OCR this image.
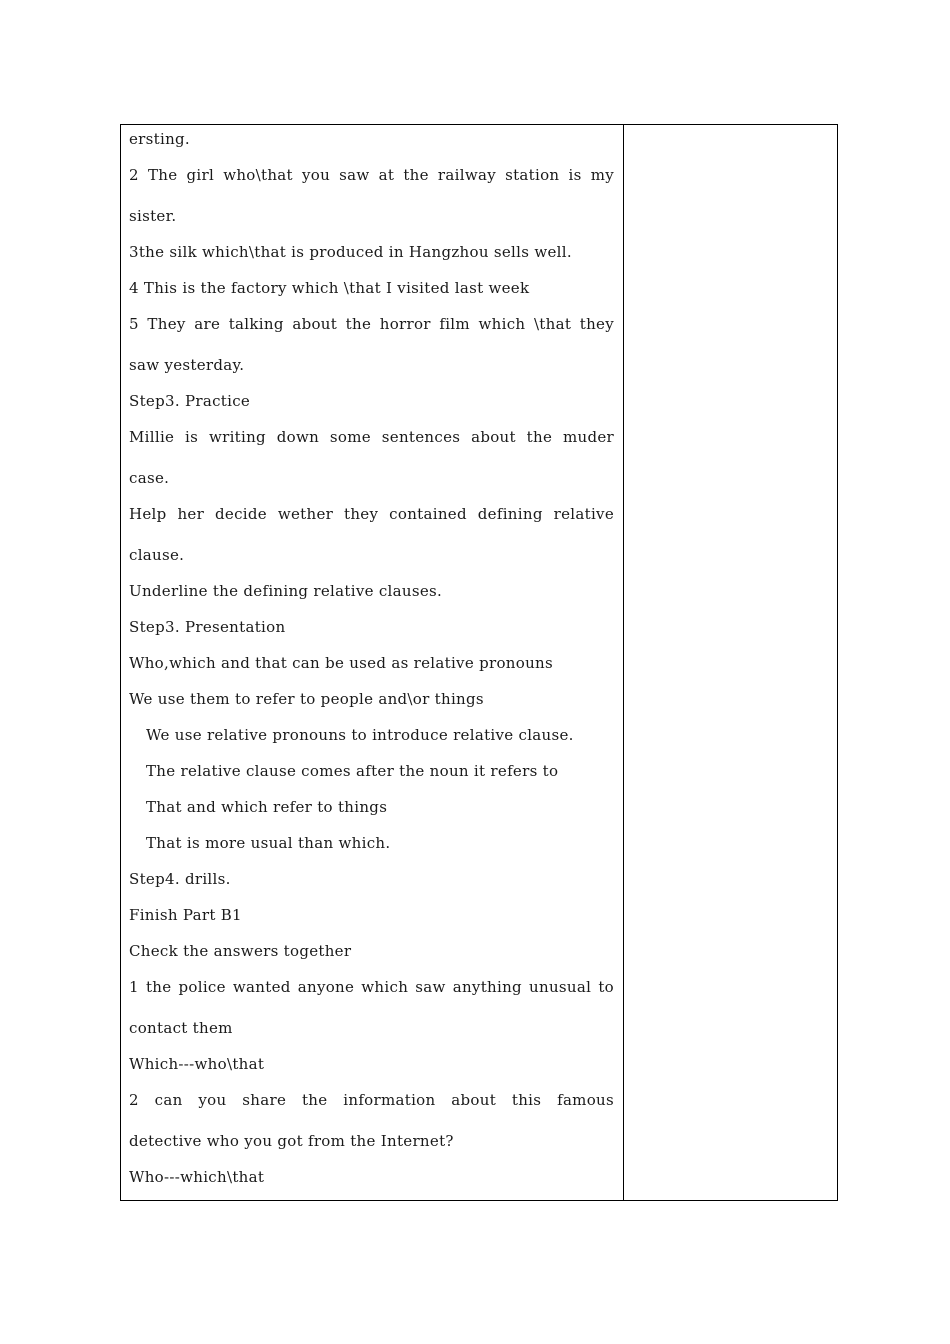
ersting.
2 The girl who\that you saw at the railway station is my
sister.
3the silk which\that is produced in Hangzhou sells well.
4 This is the factory which \that I visited last week
5 They are talking about the horror film which \that they
saw yesterday.
Step3. Practice
Millie is writing down some sentences about the muder
case.
Help her decide wether they contained defining relative
clause.
Underline the defining relative clauses.
Step3. Presentation
Who,which and that can be used as relative pronouns
We use them to refer to people and\or things
We use relative pronouns to introduce relative clause.
The relative clause comes after the noun it refers to
That and which refer to things
That is more usual than which.
Step4. drills.
Finish Part B1
Check the answers together
1 the police wanted anyone which saw anything unusual to
contact them
Which---who\that
2 can you share the information about this famous
detective who you got from the Internet?
Who---which\that
